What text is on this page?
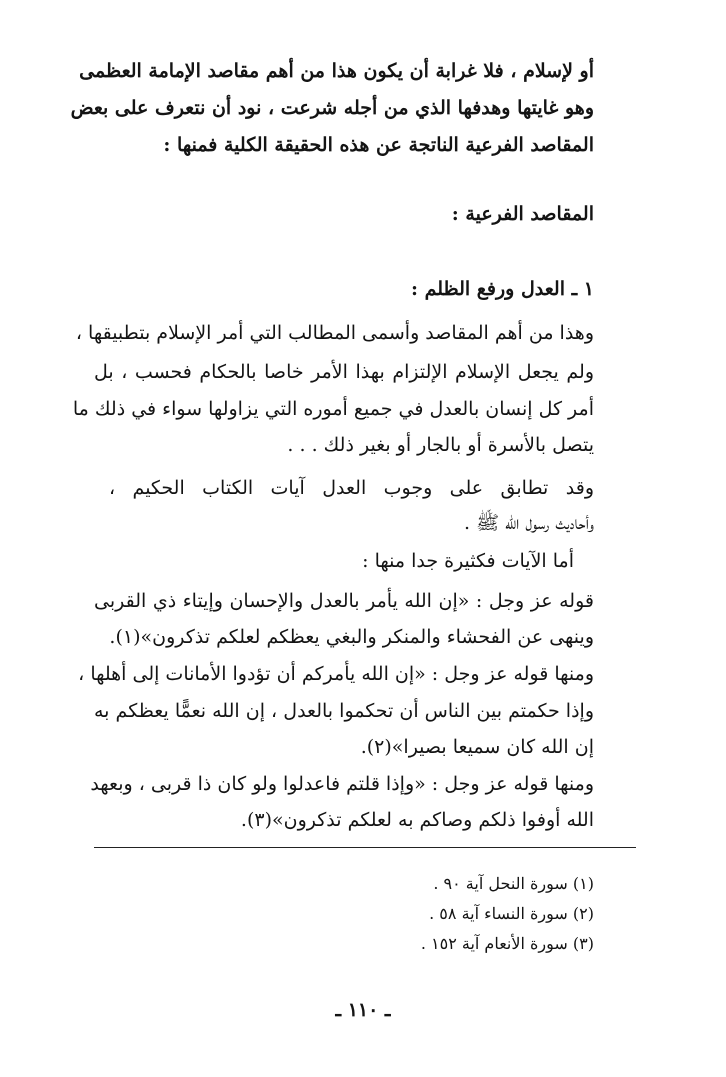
أو لإسلام ، فلا غرابة أن يكون هذا من أهم مقاصد الإمامة العظمى
وهو غايتها وهدفها الذي من أجله شرعت ، نود أن نتعرف على بعض
المقاصد الفرعية الناتجة عن هذه الحقيقة الكلية فمنها :
المقاصد الفرعية :
١ ـ العدل ورفع الظلم :
وهذا من أهم المقاصد وأسمى المطالب التي أمر الإسلام بتطبيقها ،
ولم يجعل الإسلام الإلتزام بهذا الأمر خاصا بالحكام فحسب ، بل
أمر كل إنسان بالعدل في جميع أموره التي يزاولها سواء في ذلك ما
يتصل بالأسرة أو بالجار أو بغير ذلك . . .
وقد تطابق على وجوب العدل آيات الكتاب الحكيم ،
وأحاديث رسول الله ﷺ .
أما الآيات فكثيرة جدا منها :
قوله عز وجل : «إن الله يأمر بالعدل والإحسان وإيتاء ذي القربى
وينهى عن الفحشاء والمنكر والبغي يعظكم لعلكم تذكرون»(١).
ومنها قوله عز وجل : «إن الله يأمركم أن تؤدوا الأمانات إلى أهلها ،
وإذا حكمتم بين الناس أن تحكموا بالعدل ، إن الله نعمًّا يعظكم به
إن الله كان سميعا بصيرا»(٢).
ومنها قوله عز وجل : «وإذا قلتم فاعدلوا ولو كان ذا قربى ، وبعهد
الله أوفوا ذلكم وصاكم به لعلكم تذكرون»(٣).
(١) سورة النحل آية ٩٠ .
(٢) سورة النساء آية ٥٨ .
(٣) سورة الأنعام آية ١٥٢ .
ـ ١١٠ ـ
